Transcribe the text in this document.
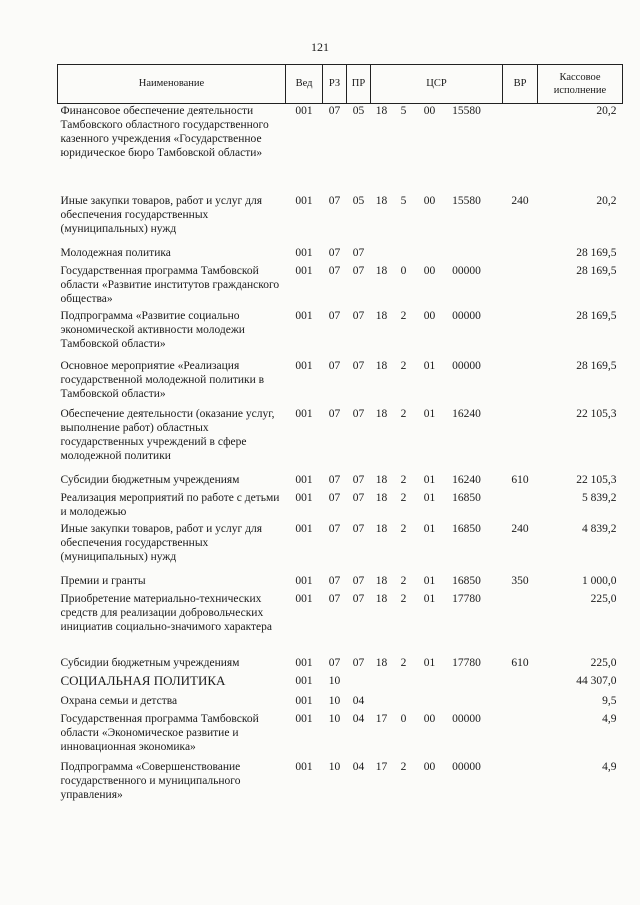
121
Наименование	Вед	РЗ	ПР	ЦСР	ВР	Кассовое исполнение
Финансовое обеспечение деятельности Тамбовского областного государственного казенного учреждения «Государственное юридическое бюро Тамбовской области»	001	07	05	18 5 00 15580		20,2
Иные закупки товаров, работ и услуг для обеспечения государственных (муниципальных) нужд	001	07	05	18 5 00 15580	240	20,2
Молодежная политика	001	07	07			28 169,5
Государственная программа Тамбовской области «Развитие институтов гражданского общества»	001	07	07	18 0 00 00000		28 169,5
Подпрограмма «Развитие социально экономической активности молодежи Тамбовской области»	001	07	07	18 2 00 00000		28 169,5
Основное мероприятие «Реализация государственной молодежной политики в Тамбовской области»	001	07	07	18 2 01 00000		28 169,5
Обеспечение деятельности (оказание услуг, выполнение работ) областных государственных учреждений в сфере молодежной политики	001	07	07	18 2 01 16240		22 105,3
Субсидии бюджетным учреждениям	001	07	07	18 2 01 16240	610	22 105,3
Реализация мероприятий по работе с детьми и молодежью	001	07	07	18 2 01 16850		5 839,2
Иные закупки товаров, работ и услуг для обеспечения государственных (муниципальных) нужд	001	07	07	18 2 01 16850	240	4 839,2
Премии и гранты	001	07	07	18 2 01 16850	350	1 000,0
Приобретение материально-технических средств для реализации добровольческих инициатив социально-значимого характера	001	07	07	18 2 01 17780		225,0
Субсидии бюджетным учреждениям	001	07	07	18 2 01 17780	610	225,0
СОЦИАЛЬНАЯ ПОЛИТИКА	001	10				44 307,0
Охрана семьи и детства	001	10	04			9,5
Государственная программа Тамбовской области «Экономическое развитие и инновационная экономика»	001	10	04	17 0 00 00000		4,9
Подпрограмма «Совершенствование государственного и муниципального управления»	001	10	04	17 2 00 00000		4,9
